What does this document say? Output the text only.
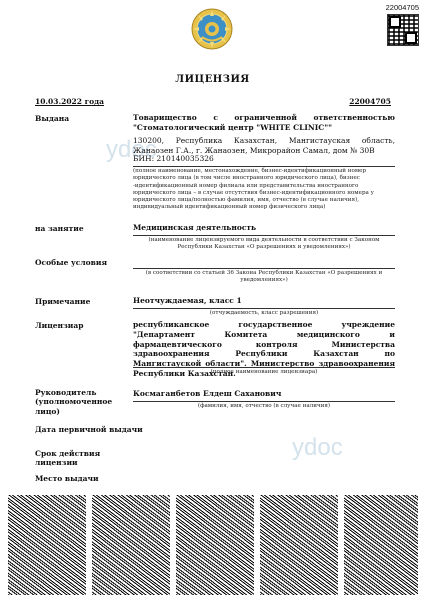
22004705
ЛИЦЕНЗИЯ
10.03.2022 года	22004705
ydoc
ydoc
Выдана	Товарищество с ограниченной ответственностью "Стоматологический центр "WHITE CLINIC""
130200, Республика Казахстан, Мангистауская область, Жанаозен Г.А., г. Жанаозен, Микрорайон Самал, дом № 30В
БИН: 210140035326
(полное наименование, местонахождение, бизнес-идентификационный номер юридического лица (в том числе иностранного юридического лица), бизнес -идентификационный номер филиала или представительства иностранного юридического лица – в случае отсутствия бизнес-идентификационного номера у юридического лица/полностью фамилия, имя, отчество (в случае наличия), индивидуальный идентификационный номер физического лица)
на занятие	Медицинская деятельность
(наименование лицензируемого вида деятельности в соответствии с Законом Республики Казахстан «О разрешениях и уведомлениях»)
Особые условия
(в соответствии со статьей 36 Закона Республики Казахстан «О разрешениях и уведомлениях»)
Примечание	Неотчуждаемая, класс 1
(отчуждаемость, класс разрешения)
Лицензиар	республиканское государственное учреждение "Департамент Комитета медицинского и фармацевтического контроля Министерства здравоохранения Республики Казахстан по Мангистауской области". Министерство здравоохранения Республики Казахстан.
(полное наименование лицензиара)
Руководитель (уполномоченное лицо)
Космаганбетов Елдеш Саханович
(фамилия, имя, отчество (в случае наличия)
Дата первичной выдачи
Срок действия лицензии
Место выдачи
